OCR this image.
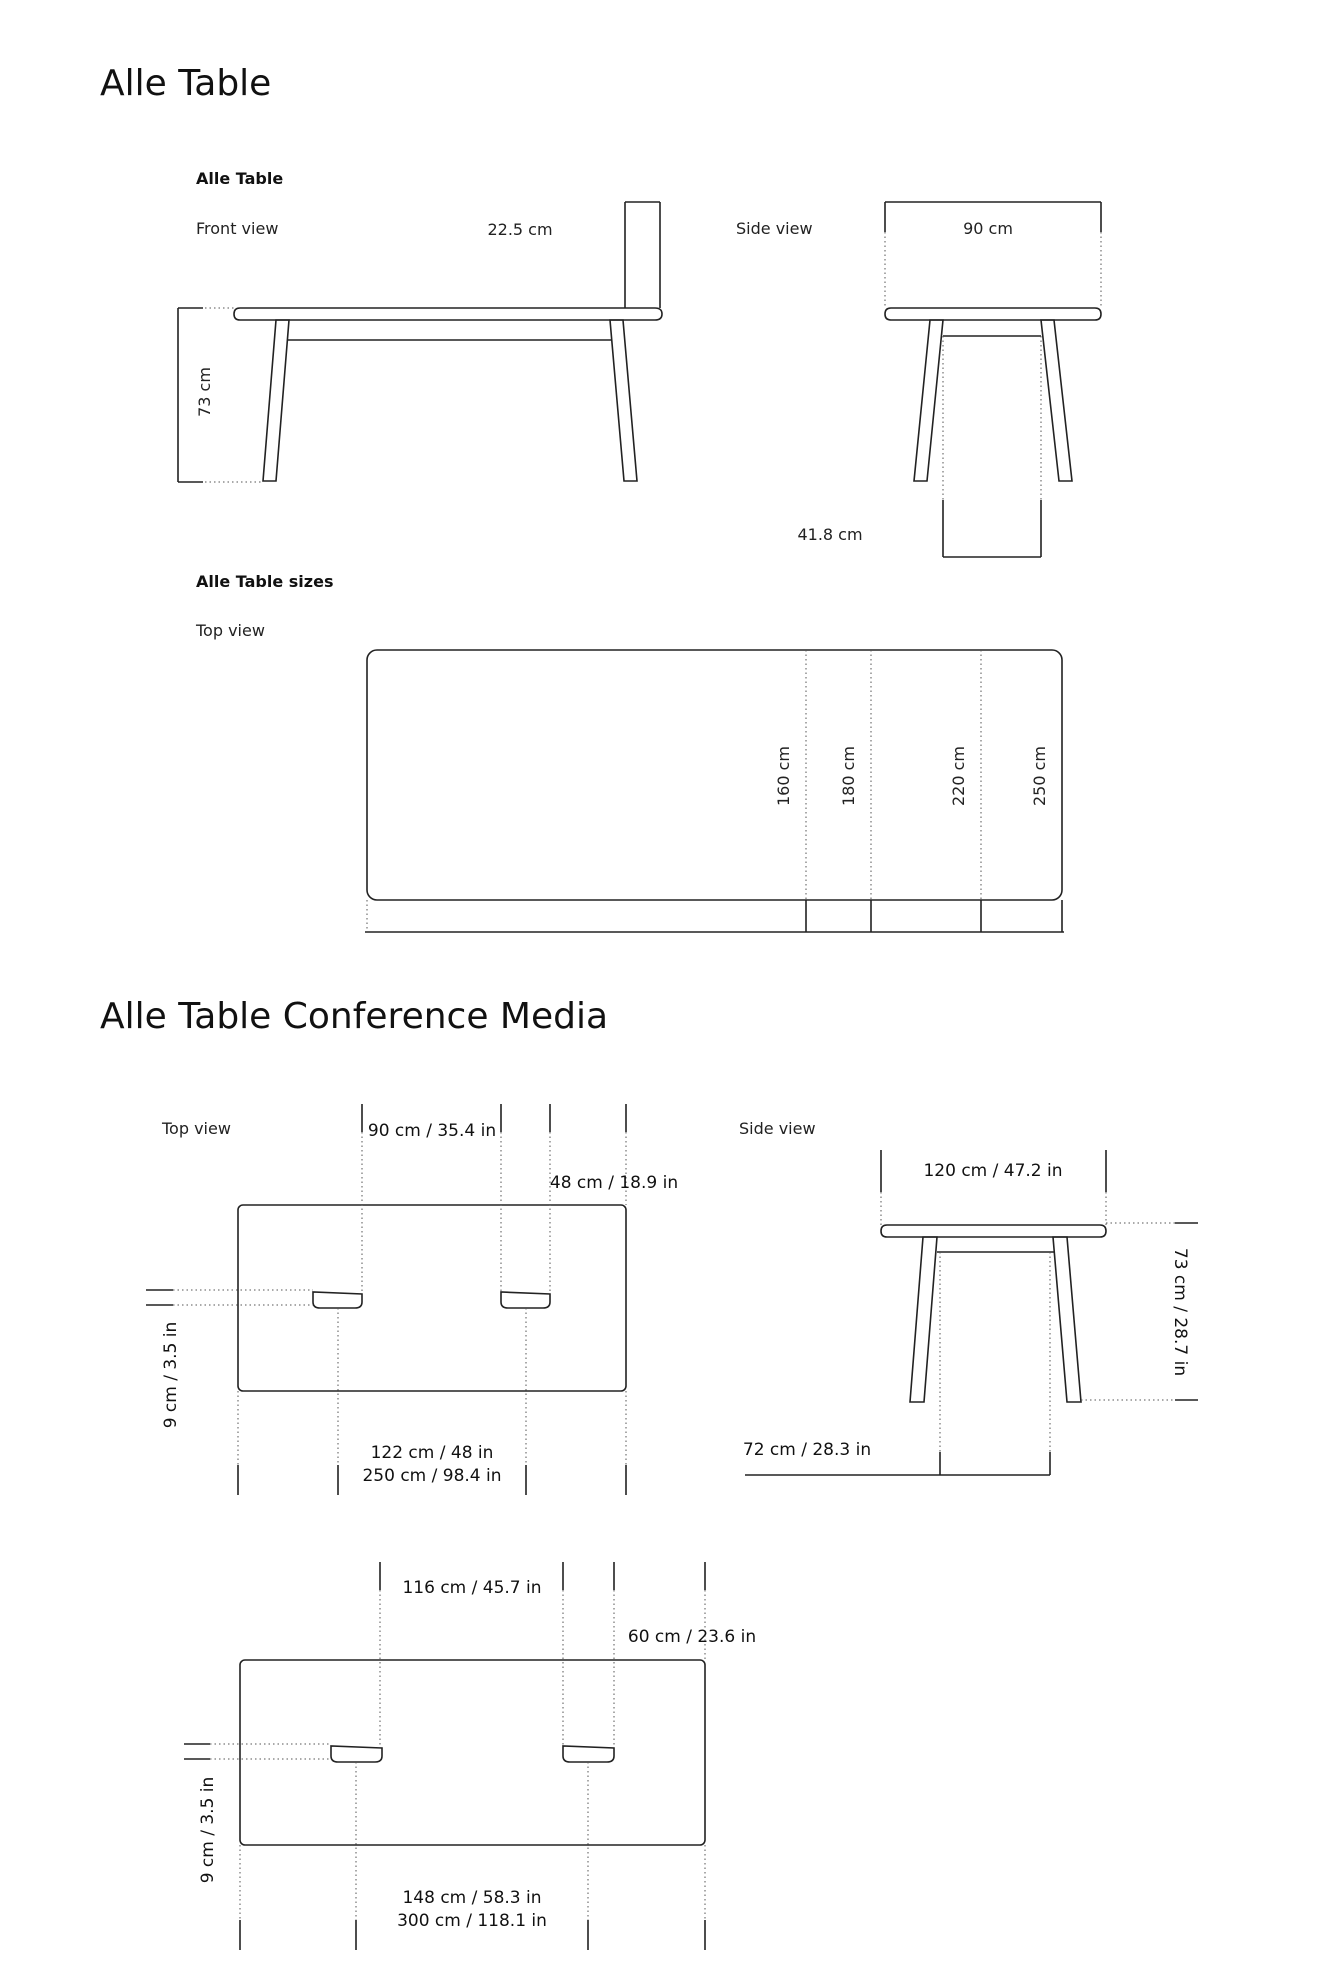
Alle Table
Alle Table
Front view	Side view
22.5 cm
73 cm
90 cm
41.8 cm
Alle Table sizes
Top view
160 cm	180 cm	220 cm	250 cm
Alle Table Conference Media
Top view	Side view
90 cm / 35.4 in
48 cm / 18.9 in
9 cm / 3.5 in
122 cm / 48 in
250 cm / 98.4 in
120 cm / 47.2 in
73 cm / 28.7 in
72 cm / 28.3 in
116 cm / 45.7 in
60 cm / 23.6 in
9 cm / 3.5 in
148 cm / 58.3 in
300 cm / 118.1 in
